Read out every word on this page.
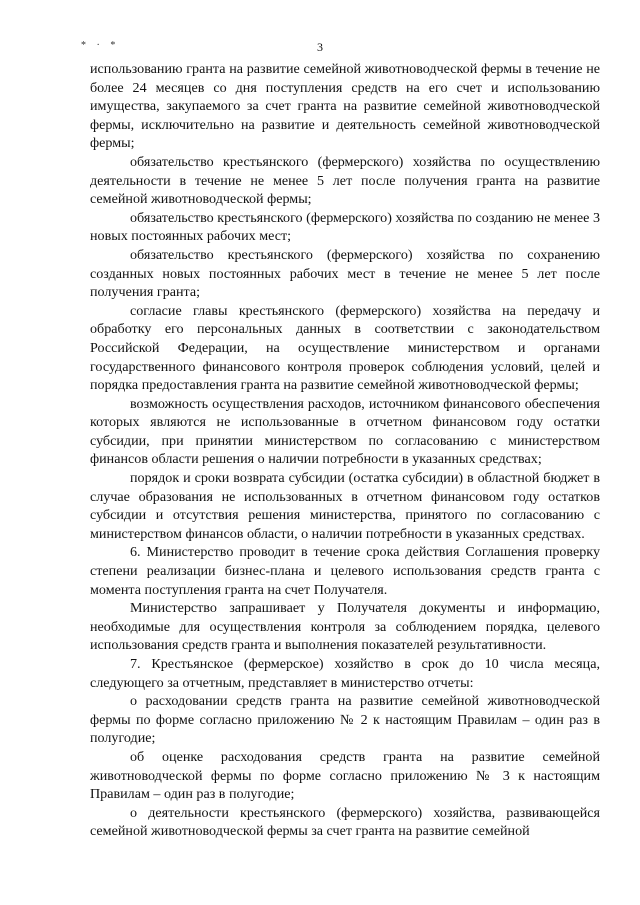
* · *	3

использованию гранта на развитие семейной животноводческой фермы в течение не более 24 месяцев со дня поступления средств на его счет и использованию имущества, закупаемого за счет гранта на развитие семейной животноводческой фермы, исключительно на развитие и деятельность семейной животноводческой фермы;

обязательство крестьянского (фермерского) хозяйства по осуществлению деятельности в течение не менее 5 лет после получения гранта на развитие семейной животноводческой фермы;

обязательство крестьянского (фермерского) хозяйства по созданию не менее 3 новых постоянных рабочих мест;

обязательство крестьянского (фермерского) хозяйства по сохранению созданных новых постоянных рабочих мест в течение не менее 5 лет после получения гранта;

согласие главы крестьянского (фермерского) хозяйства на передачу и обработку его персональных данных в соответствии с законодательством Российской Федерации, на осуществление министерством и органами государственного финансового контроля проверок соблюдения условий, целей и порядка предоставления гранта на развитие семейной животноводческой фермы;

возможность осуществления расходов, источником финансового обеспечения которых являются не использованные в отчетном финансовом году остатки субсидии, при принятии министерством по согласованию с министерством финансов области решения о наличии потребности в указанных средствах;

порядок и сроки возврата субсидии (остатка субсидии) в областной бюджет в случае образования не использованных в отчетном финансовом году остатков субсидии и отсутствия решения министерства, принятого по согласованию с министерством финансов области, о наличии потребности в указанных средствах.

6. Министерство проводит в течение срока действия Соглашения проверку степени реализации бизнес-плана и целевого использования средств гранта с момента поступления гранта на счет Получателя.

Министерство запрашивает у Получателя документы и информацию, необходимые для осуществления контроля за соблюдением порядка, целевого использования средств гранта и выполнения показателей результативности.

7. Крестьянское (фермерское) хозяйство в срок до 10 числа месяца, следующего за отчетным, представляет в министерство отчеты:

о расходовании средств гранта на развитие семейной животноводческой фермы по форме согласно приложению № 2 к настоящим Правилам – один раз в полугодие;

об оценке расходования средств гранта на развитие семейной животноводческой фермы по форме согласно приложению № 3 к настоящим Правилам – один раз в полугодие;

о деятельности крестьянского (фермерского) хозяйства, развивающейся семейной животноводческой фермы за счет гранта на развитие семейной
